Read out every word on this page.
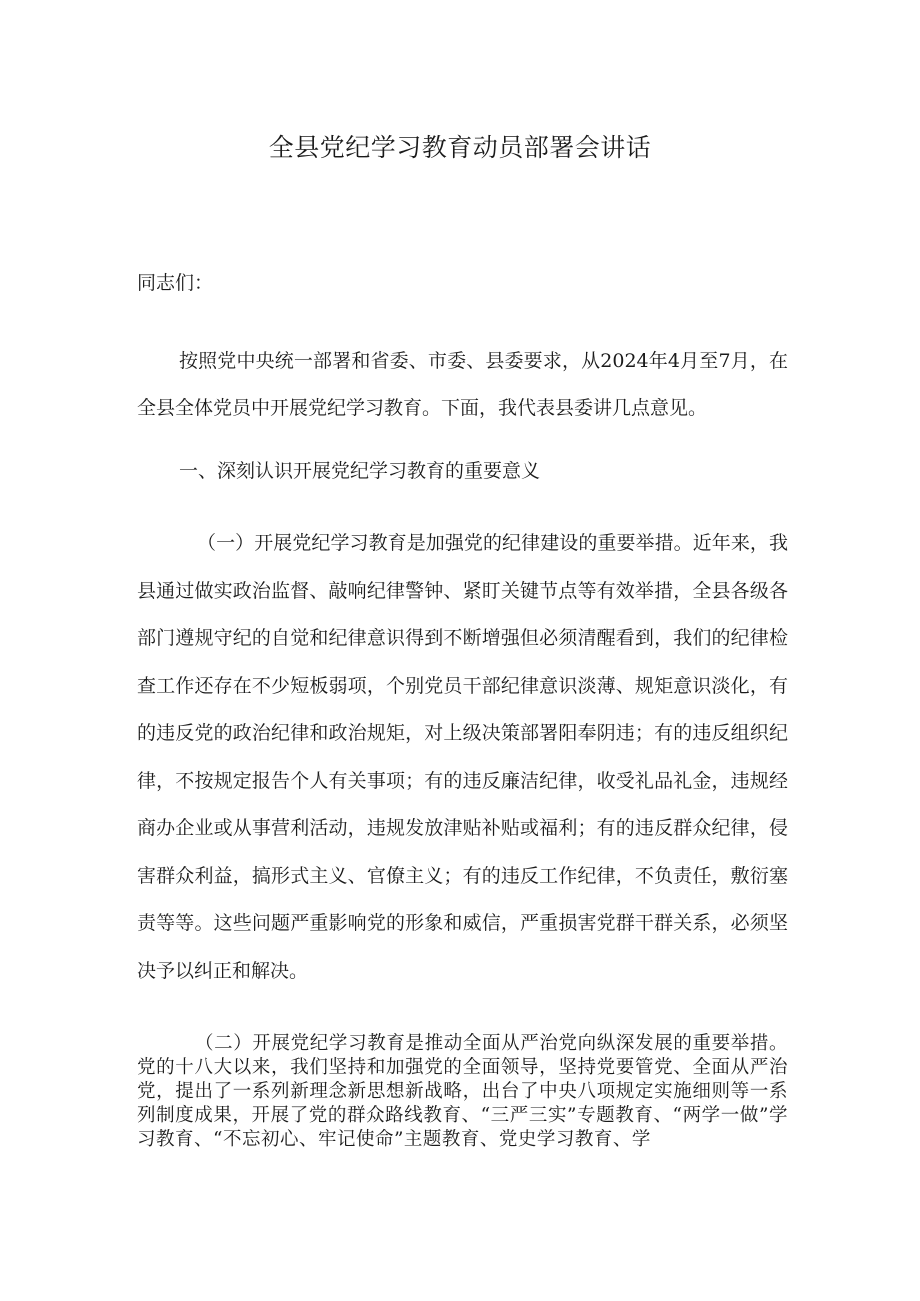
全县党纪学习教育动员部署会讲话
同志们：
按照党中央统一部署和省委、市委、县委要求，从2024年4月至7月，在全县全体党员中开展党纪学习教育。下面，我代表县委讲几点意见。
一、深刻认识开展党纪学习教育的重要意义
（一）开展党纪学习教育是加强党的纪律建设的重要举措。近年来，我县通过做实政治监督、敲响纪律警钟、紧盯关键节点等有效举措，全县各级各部门遵规守纪的自觉和纪律意识得到不断增强但必须清醒看到，我们的纪律检查工作还存在不少短板弱项，个别党员干部纪律意识淡薄、规矩意识淡化，有的违反党的政治纪律和政治规矩，对上级决策部署阳奉阴违；有的违反组织纪律，不按规定报告个人有关事项；有的违反廉洁纪律，收受礼品礼金，违规经商办企业或从事营利活动，违规发放津贴补贴或福利；有的违反群众纪律，侵害群众利益，搞形式主义、官僚主义；有的违反工作纪律，不负责任，敷衍塞责等等。这些问题严重影响党的形象和威信，严重损害党群干群关系，必须坚决予以纠正和解决。
（二）开展党纪学习教育是推动全面从严治党向纵深发展的重要举措。党的十八大以来，我们坚持和加强党的全面领导，坚持党要管党、全面从严治党，提出了一系列新理念新思想新战略，出台了中央八项规定实施细则等一系列制度成果，开展了党的群众路线教育、“三严三实”专题教育、“两学一做”学习教育、“不忘初心、牢记使命”主题教育、党史学习教育、学
